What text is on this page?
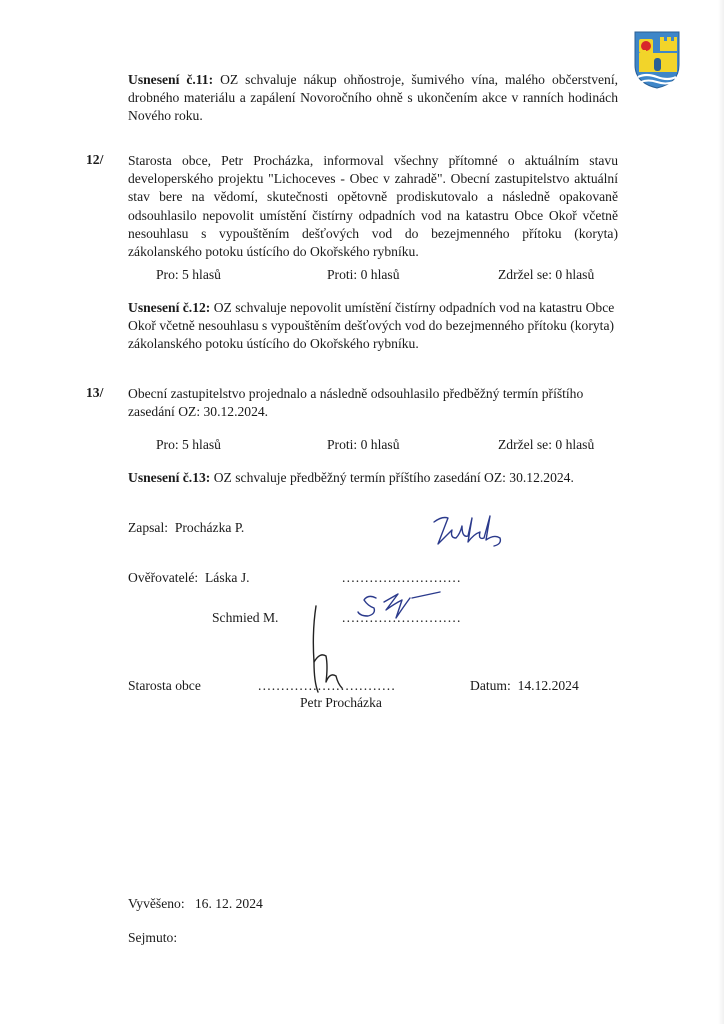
Usnesení č.11: OZ schvaluje nákup ohňostroje, šumivého vína, malého občerstvení, drobného materiálu a zapálení Novoročního ohně s ukončením akce v ranních hodinách Nového roku.
12/ Starosta obce, Petr Procházka, informoval všechny přítomné o aktuálním stavu developerského projektu "Lichoceves - Obec v zahradě". Obecní zastupitelstvo aktuální stav bere na vědomí, skutečnosti opětovně prodiskutovalo a následně opakovaně odsouhlasilo nepovolit umístění čistírny odpadních vod na katastru Obce Okoř včetně nesouhlasu s vypouštěním dešťových vod do bezejmenného přítoku (koryta) zákolanského potoku ústícího do Okořského rybníku.
Pro: 5 hlasů	Proti: 0 hlasů	Zdržel se: 0 hlasů
Usnesení č.12: OZ schvaluje nepovolit umístění čistírny odpadních vod na katastru Obce Okoř včetně nesouhlasu s vypouštěním dešťových vod do bezejmenného přítoku (koryta) zákolanského potoku ústícího do Okořského rybníku.
13/ Obecní zastupitelstvo projednalo a následně odsouhlasilo předběžný termín příštího zasedání OZ: 30.12.2024.
Pro: 5 hlasů	Proti: 0 hlasů	Zdržel se: 0 hlasů
Usnesení č.13: OZ schvaluje předběžný termín příštího zasedání OZ: 30.12.2024.
Zapsal: Procházka P.
Ověřovatelé: Láska J.	..........................
Schmied M.	..........................
Starosta obce	..............................
Petr Procházka
Datum: 14.12.2024
Vyvěšeno: 16. 12. 2024
Sejmuto:
